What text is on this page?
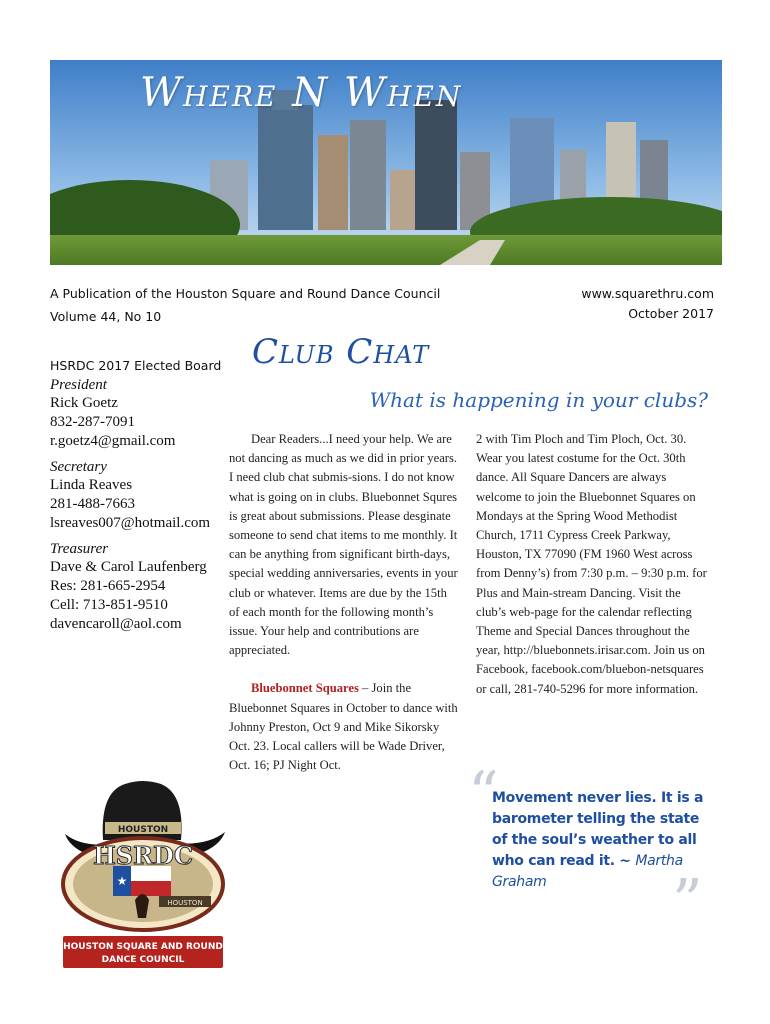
Where N When
A Publication of the Houston Square and Round Dance Council
Volume 44, No 10
www.squarethru.com
October 2017
Club Chat
What is happening in your clubs?
HSRDC 2017 Elected Board
President
Rick Goetz
832-287-7091
r.goetz4@gmail.com
Secretary
Linda Reaves
281-488-7663
lsreaves007@hotmail.com
Treasurer
Dave & Carol Laufenberg
Res: 281-665-2954
Cell: 713-851-9510
davencaroll@aol.com

Dear Readers...I need your help. We are not dancing as much as we did in prior years. I need club chat submis-sions. I do not know what is going on in clubs. Bluebonnet Squres is great about submissions. Please desginate someone to send chat items to me monthly. It can be anything from significant birth-days, special wedding anniversaries, events in your club or whatever. Items are due by the 15th of each month for the following month’s issue. Your help and contributions are appreciated.

Bluebonnet Squares – Join the Bluebonnet Squares in October to dance with Johnny Preston, Oct 9 and Mike Sikorsky Oct. 23. Local callers will be Wade Driver, Oct. 16; PJ Night Oct.

2 with Tim Ploch and Tim Ploch, Oct. 30. Wear you latest costume for the Oct. 30th dance. All Square Dancers are always welcome to join the Bluebonnet Squares on Mondays at the Spring Wood Methodist Church, 1711 Cypress Creek Parkway, Houston, TX 77090 (FM 1960 West across from Denny’s) from 7:30 p.m. – 9:30 p.m. for Plus and Main-stream Dancing. Visit the club’s web-page for the calendar reflecting Theme and Special Dances throughout the year, http://bluebonnets.irisar.com. Join us on Facebook, facebook.com/bluebon-netsquares or call, 281-740-5296 for more information.

“
Movement never lies. It is a barometer telling the state of the soul’s weather to all who can read it. ~ Martha Graham	”
HOUSTON
★
HSRDC
HOUSTON
HOUSTON SQUARE AND ROUND
DANCE COUNCIL
